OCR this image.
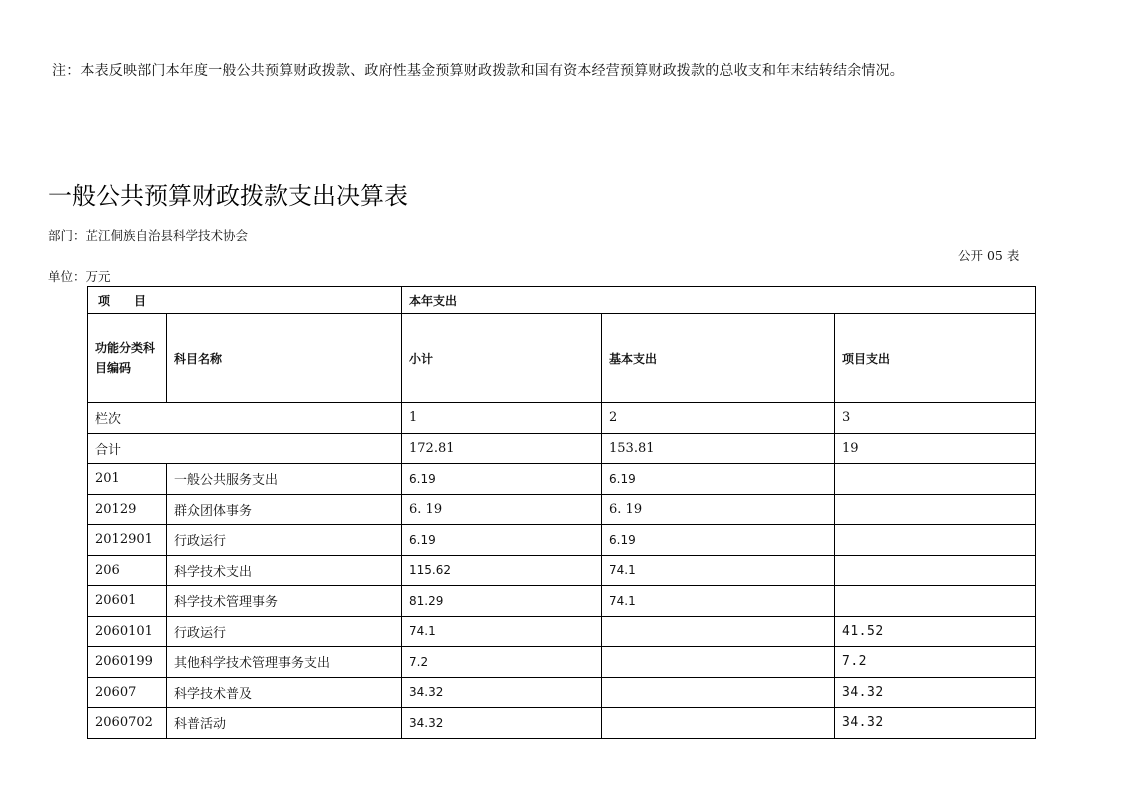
注：本表反映部门本年度一般公共预算财政拨款、政府性基金预算财政拨款和国有资本经营预算财政拨款的总收支和年末结转结余情况。
一般公共预算财政拨款支出决算表
部门：芷江侗族自治县科学技术协会
公开 05 表
单位：万元
项　　目		本年支出		
功能分类科目编码	科目名称	小计	基本支出	项目支出
栏次		1	2	3
合计		172.81	153.81	19
201	一般公共服务支出	6.19	6.19	
20129	群众团体事务	6. 19	6. 19	
2012901	行政运行	6.19	6.19	
206	科学技术支出	115.62	74.1	
20601	科学技术管理事务	81.29	74.1	
2060101	行政运行	74.1		41.52
2060199	其他科学技术管理事务支出	7.2		7.2
20607	科学技术普及	34.32		34.32
2060702	科普活动	34.32		34.32
